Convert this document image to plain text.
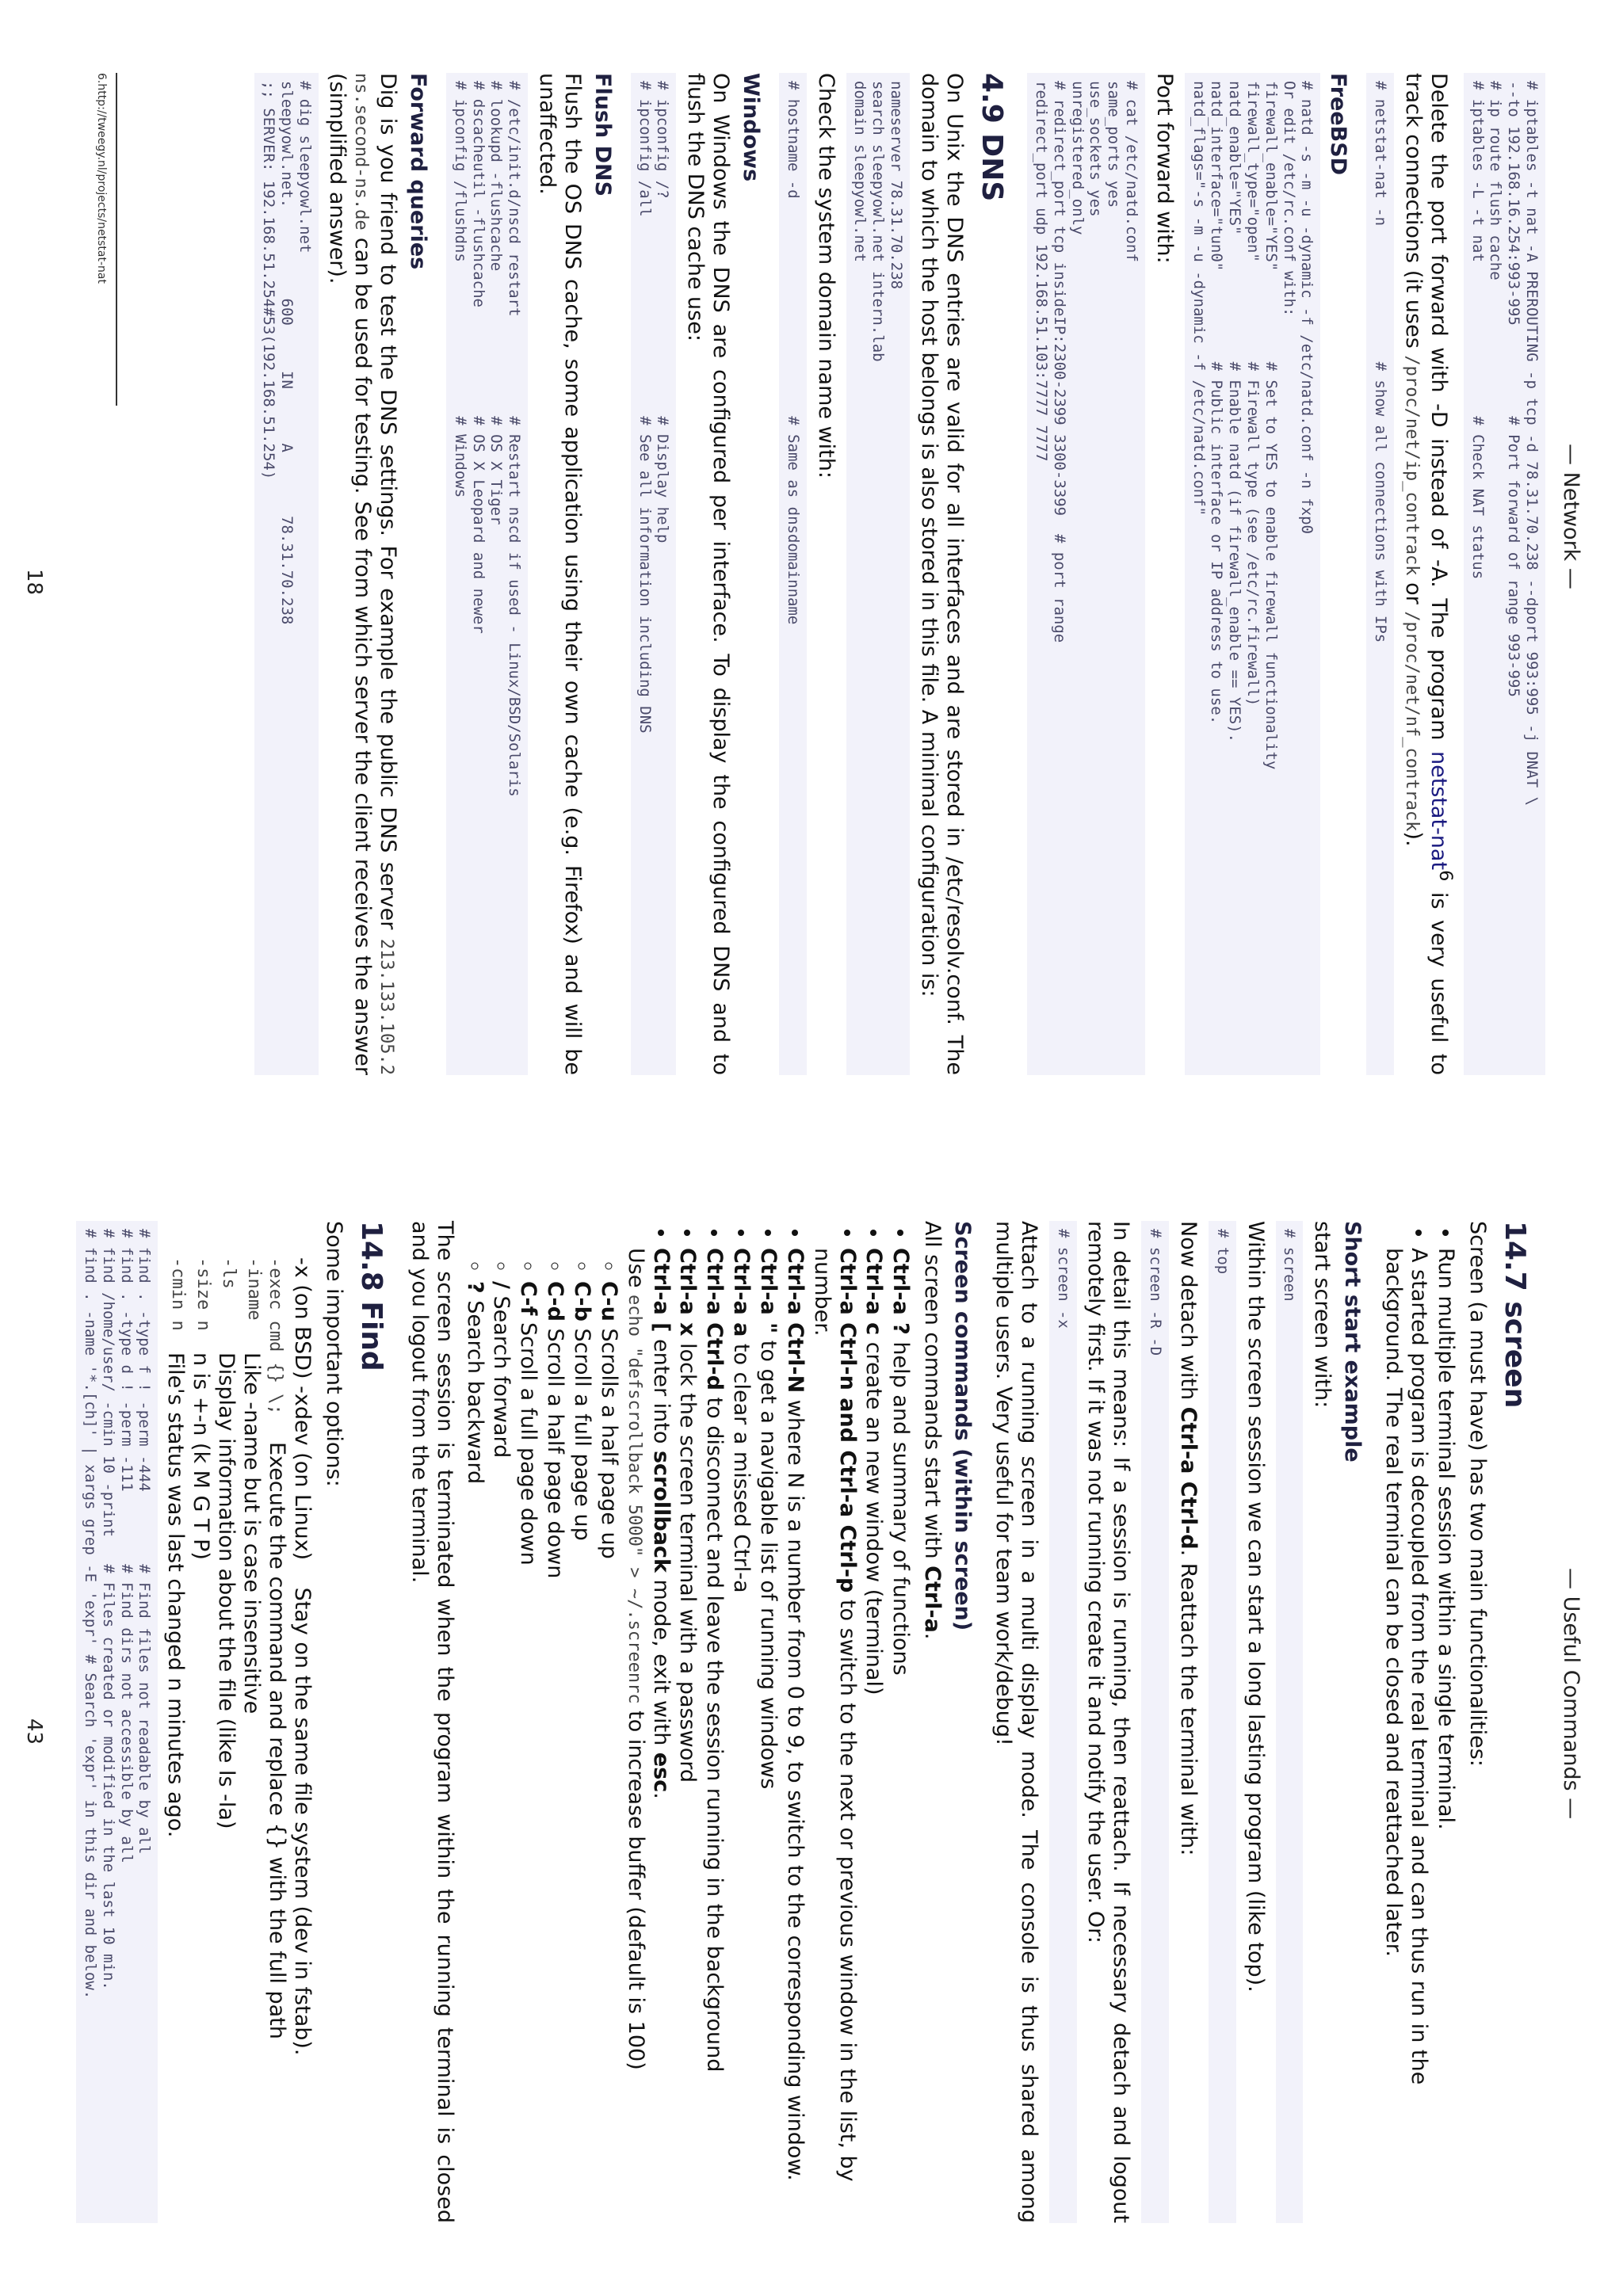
— Network —
# iptables -t nat -A PREROUTING -p tcp -d 78.31.70.238 --dport 993:995 -j DNAT \
--to 192.168.16.254:993-995          # Port forward of range 993-995
# ip route flush cache
# iptables -L -t nat                 # Check NAT status
Delete the port forward with -D instead of -A. The program netstat-nat$^6$ is very useful to track connections (it uses /proc/net/ip_contrack or /proc/net/nf_contrack).
# netstat-nat -n               # show all connections with IPs
FreeBSD
# natd -s -m -u -dynamic -f /etc/natd.conf -n fxp0
Or edit /etc/rc.conf with:
firewall_enable="YES"          # Set to YES to enable firewall functionality
firewall_type="open"           # Firewall type (see /etc/rc.firewall)
natd_enable="YES"              # Enable natd (if firewall_enable == YES).
natd_interface="tun0"          # Public interface or IP address to use.
natd_flags="-s -m -u -dynamic -f /etc/natd.conf"
Port forward with:
# cat /etc/natd.conf
same_ports yes
use_sockets yes
unregistered_only
# redirect_port tcp insideIP:2300-2399 3300-3399  # port range
redirect_port udp 192.168.51.103:7777 7777
4.9 DNS
On Unix the DNS entries are valid for all interfaces and are stored in /etc/resolv.conf. The domain to which the host belongs is also stored in this file. A minimal configuration is:
nameserver 78.31.70.238
search sleepyowl.net intern.lab
domain sleepyowl.net
Check the system domain name with:
# hostname -d                        # Same as dnsdomainname
Windows
On Windows the DNS are configured per interface. To display the configured DNS and to flush the DNS cache use:
# ipconfig /?                        # Display help
# ipconfig /all                      # See all information including DNS
Flush DNS
Flush the OS DNS cache, some application using their own cache (e.g. Firefox) and will be unaffected.
# /etc/init.d/nscd restart           # Restart nscd if used - Linux/BSD/Solaris
# lookupd -flushcache                # OS X Tiger
# dscacheutil -flushcache            # OS X Leopard and newer
# ipconfig /flushdns                 # Windows
Forward queries
Dig is you friend to test the DNS settings. For example the public DNS server 213.133.105.2 ns.second-ns.de can be used for testing. See from which server the client receives the answer (simplified answer).
# dig sleepyowl.net
sleepyowl.net.          600     IN      A       78.31.70.238
;; SERVER: 192.168.51.254#53(192.168.51.254)
6.http://tweegy.nl/projects/netstat-nat
18
— Useful Commands —
14.7 screen
Screen (a must have) has two main functionalities:
• Run multiple terminal session within a single terminal.
• A started program is decoupled from the real terminal and can thus run in the background. The real terminal can be closed and reattached later.
Short start example
start screen with:
# screen
Within the screen session we can start a long lasting program (like top).
# top
Now detach with Ctrl-a Ctrl-d. Reattach the terminal with:
# screen -R -D
In detail this means: If a session is running, then reattach. If necessary detach and logout remotely first. If it was not running create it and notify the user. Or:
# screen -x
Attach to a running screen in a multi display mode. The console is thus shared among multiple users. Very useful for team work/debug!
Screen commands (within screen)
All screen commands start with Ctrl-a.
• Ctrl-a ? help and summary of functions
• Ctrl-a c create an new window (terminal)
• Ctrl-a Ctrl-n and Ctrl-a Ctrl-p to switch to the next or previous window in the list, by number.
• Ctrl-a Ctrl-N where N is a number from 0 to 9, to switch to the corresponding window.
• Ctrl-a " to get a navigable list of running windows
• Ctrl-a a to clear a missed Ctrl-a
• Ctrl-a Ctrl-d to disconnect and leave the session running in the background
• Ctrl-a x lock the screen terminal with a password
• Ctrl-a [ enter into scrollback mode, exit with esc.
Use echo "defscrollback 5000" > ~/.screenrc to increase buffer (default is 100)
◦ C-u Scrolls a half page up
◦ C-b Scroll a full page up
◦ C-d Scroll a half page down
◦ C-f Scroll a full page down
◦ / Search forward
◦ ? Search backward
The screen session is terminated when the program within the running terminal is closed and you logout from the terminal.
14.8 Find
Some important options:
-x (on BSD) -xdev (on Linux)    Stay on the same file system (dev in fstab).
-exec cmd {} \;    Execute the command and replace {} with the full path
-iname
Like -name but is case insensitive
-ls
Display information about the file (like ls -la)
-size n
n is +-n (k M G T P)
-cmin n
File's status was last changed n minutes ago.
# find . -type f ! -perm -444        # Find files not readable by all
# find . -type d ! -perm -111        # Find dirs not accessible by all
# find /home/user/ -cmin 10 -print   # Files created or modified in the last 10 min.
# find . -name '*.[ch]' | xargs grep -E 'expr' # Search 'expr' in this dir and below.
43
